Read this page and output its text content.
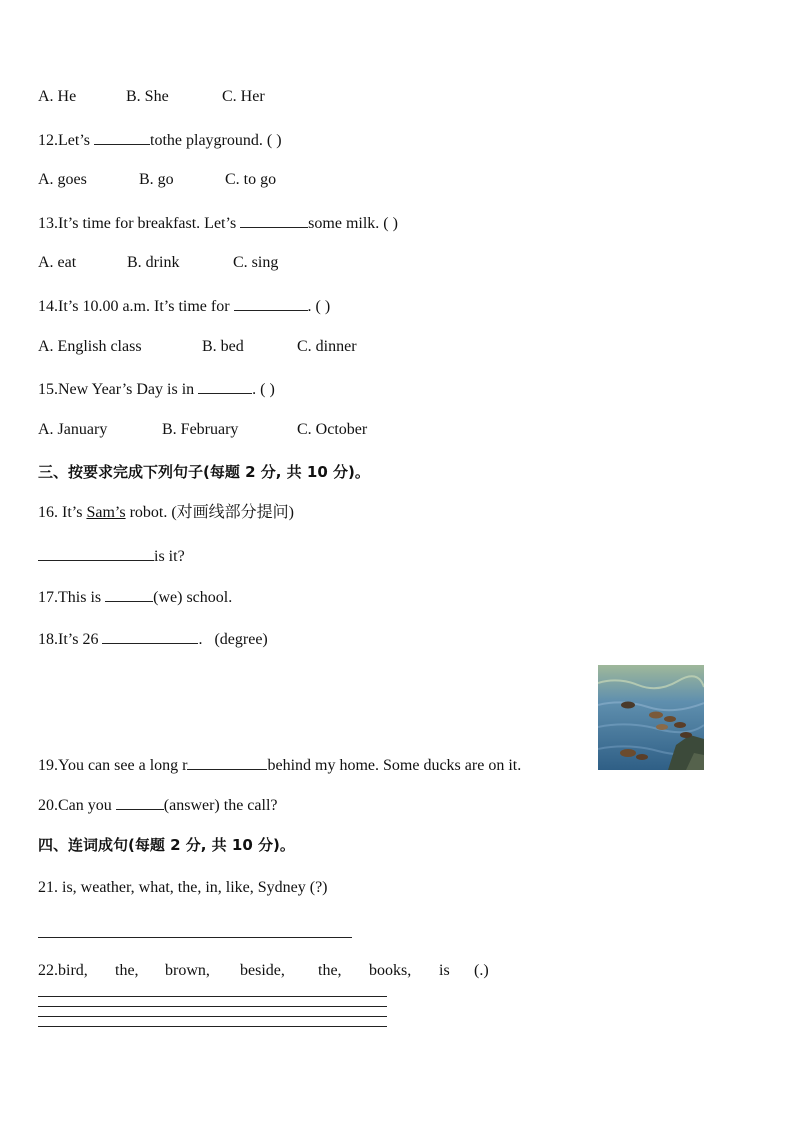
A. He	B. She	C. Her
12.Let’s	tothe playground. ( )
A. goes	B. go	C. to go
13.It’s time for breakfast. Let’s	some milk. ( )
A. eat	B. drink	C. sing
14.It’s 10.00 a.m. It’s time for	. ( )
A. English class	B. bed	C. dinner
15.New Year’s Day is in	. ( )
A. January	B. February	C. October
三、按要求完成下列句子(每题 2 分, 共 10 分)。
16. It’s Sam’s robot. (对画线部分提问)
is it?
17.This is	(we) school.
18.It’s 26	. (degree)
19.You can see a long r	behind my home. Some ducks are on it.
20.Can you	(answer) the call?
四、连词成句(每题 2 分, 共 10 分)。
21. is, weather, what, the, in, like, Sydney (?)
22.bird, the, brown, beside, the, books, is (.)
